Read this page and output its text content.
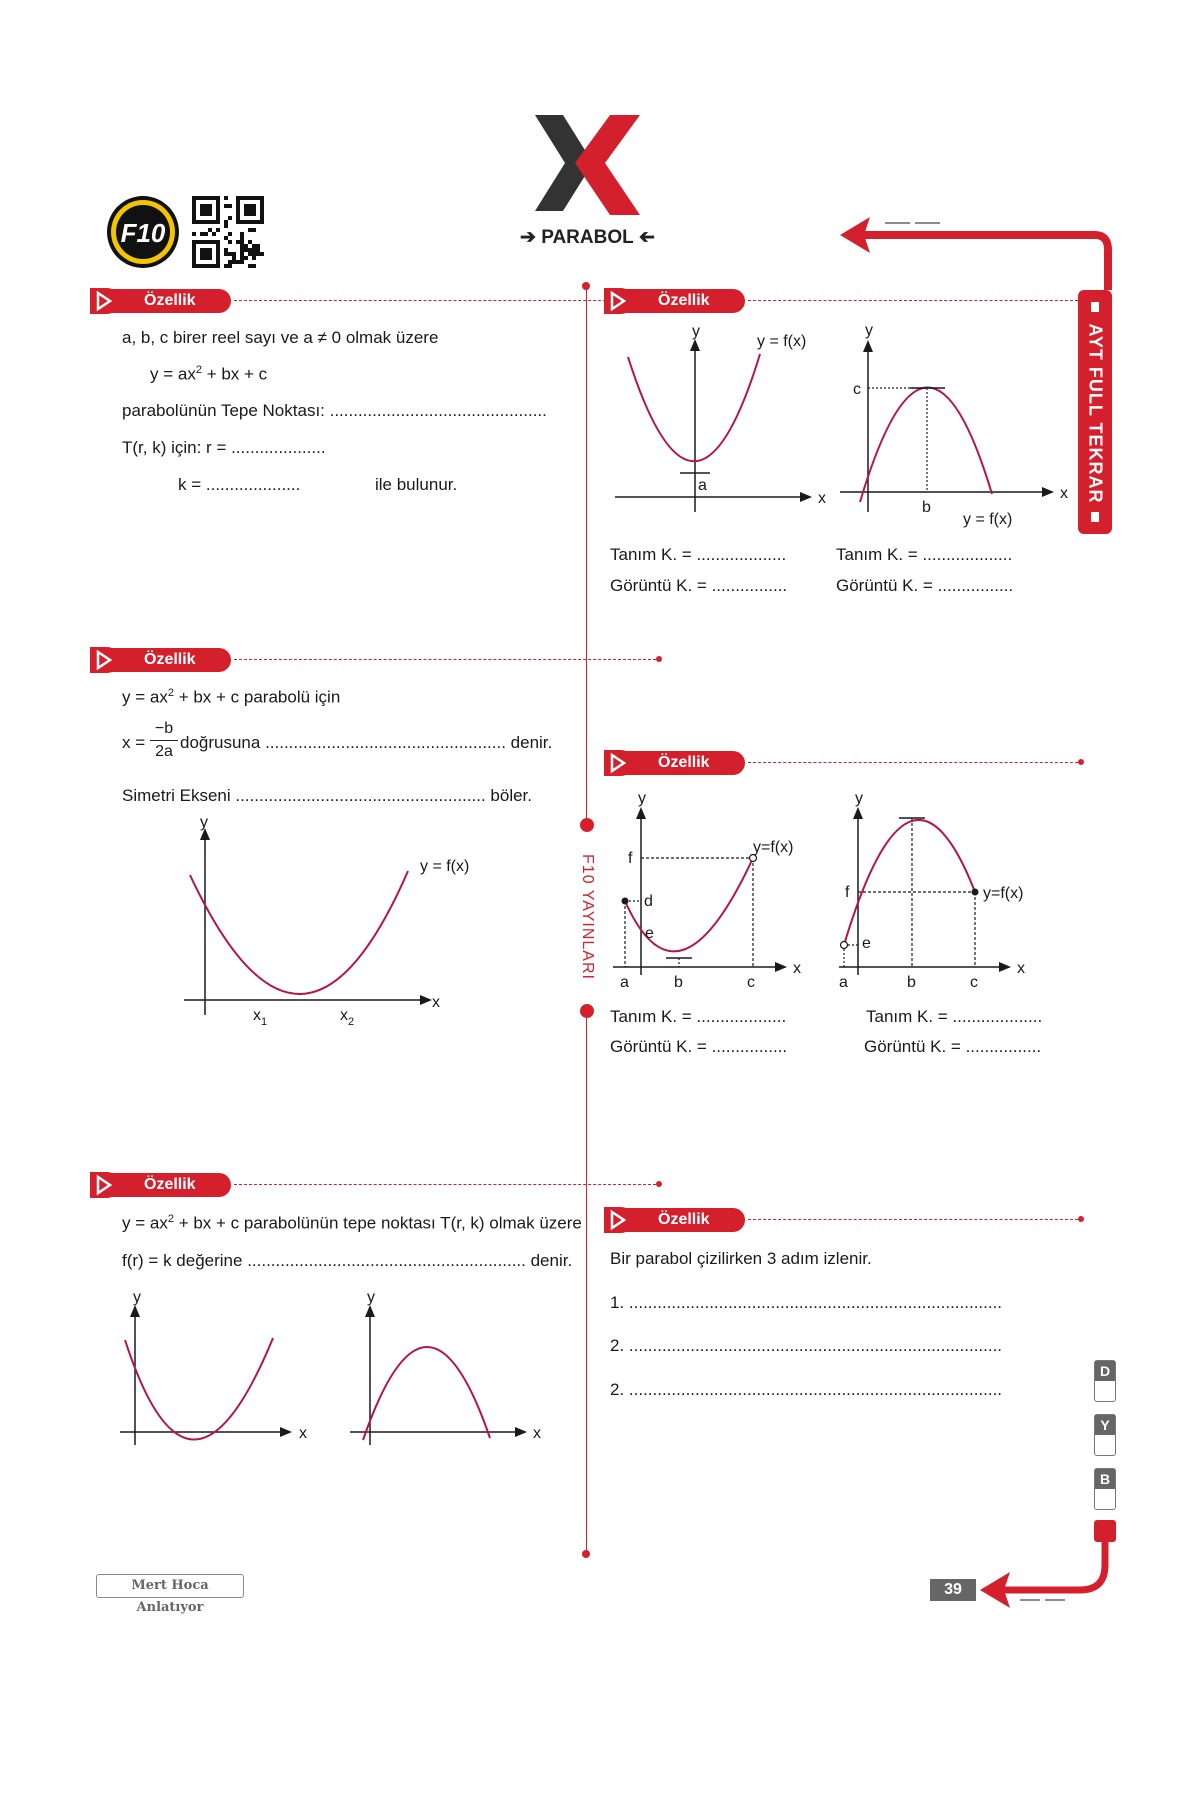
➔ PARABOL ➔
F10
AYT FULL TEKRAR
F10 YAYINLARI
Özellik
a, b, c birer reel sayı ve a ≠ 0 olmak üzere
$y = ax^2$ + bx + c
parabolünün Tepe Noktası: ..............................................
T(r, k) için: r = ....................
k = ....................	ile bulunur.
Özellik
$y = ax^2$ + bx + c parabolü için
x =
−b
2a doğrusuna ................................................... denir.
Simetri Ekseni ..................................................... böler.
y
x
y = f(x)
$x_1$	$x_2$
Özellik
$y = ax^2$ + bx + c parabolünün tepe noktası T(r, k) olmak üzere
f(r) = k değerine ........................................................... denir.
y
x
y
x
Özellik
y
x
y = f(x)
a
y
x
c
b
y = f(x)
Tanım K. = ...................
Görüntü K. = ................
Tanım K. = ...................
Görüntü K. = ................
Özellik
y
x
y=f(x)
f
d
e
a	b	c
y
x
y=f(x)
f
e
a	b	c
Tanım K. = ...................
Görüntü K. = ................
Tanım K. = ...................
Görüntü K. = ................
Özellik
Bir parabol çizilirken 3 adım izlenir.
1. ...............................................................................
2. ...............................................................................
2. ...............................................................................
D
Y
B
39
Mert Hoca Anlatıyor
